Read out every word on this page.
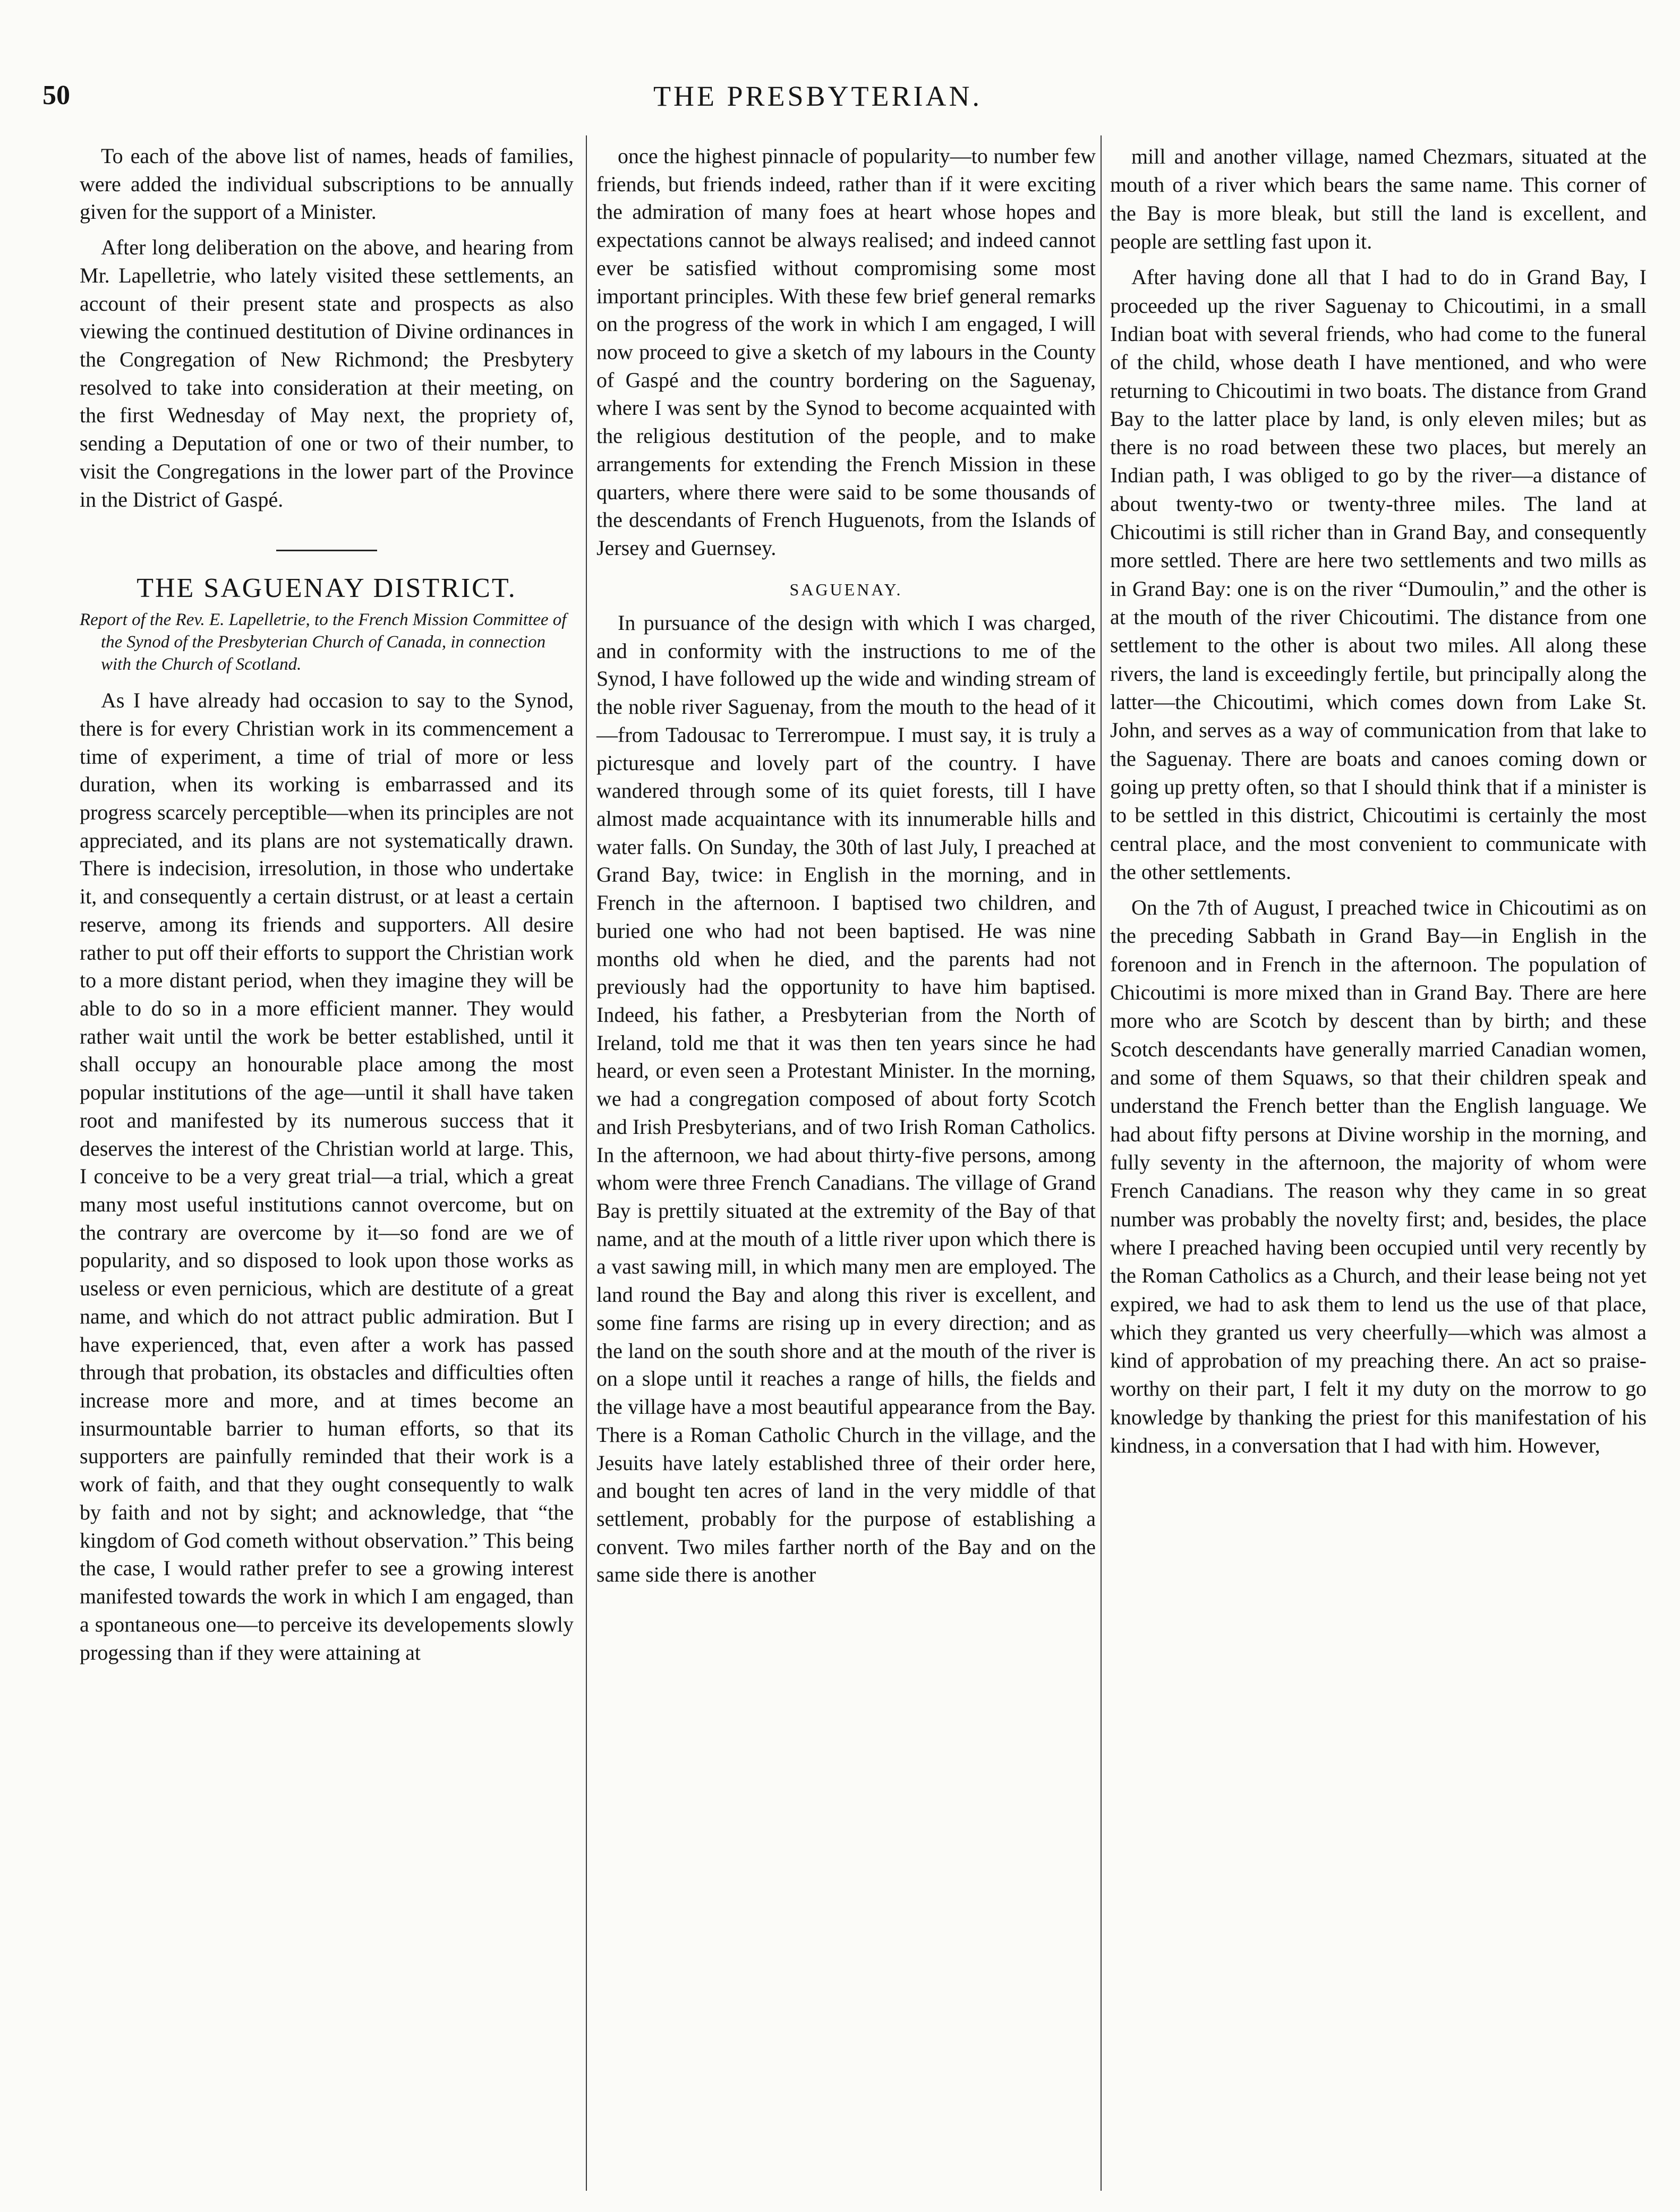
50	THE PRESBYTERIAN.

To each of the above list of names, heads of families, were added the individual subscriptions to be annually given for the support of a Minister.

After long deliberation on the above, and hearing from Mr. Lapelletrie, who lately visited these settlements, an account of their present state and prospects as also viewing the continued destitution of Divine ordinances in the Congregation of New Richmond; the Presbytery resolved to take into consideration at their meeting, on the first Wednesday of May next, the propriety of, sending a Deputation of one or two of their number, to visit the Congregations in the lower part of the Province in the District of Gaspé.

THE SAGUENAY DISTRICT.

Report of the Rev. E. Lapelletrie, to the French Mission Committee of the Synod of the Presbyterian Church of Canada, in connection with the Church of Scotland.

As I have already had occasion to say to the Synod, there is for every Christian work in its commencement a time of experiment, a time of trial of more or less duration, when its working is embarrassed and its progress scarcely perceptible—when its principles are not appreciated, and its plans are not systematically drawn. There is indecision, irresolution, in those who undertake it, and consequently a certain distrust, or at least a certain reserve, among its friends and supporters. All desire rather to put off their efforts to support the Christian work to a more distant period, when they imagine they will be able to do so in a more efficient manner. They would rather wait until the work be better established, until it shall occupy an honourable place among the most popular institutions of the age—until it shall have taken root and manifested by its numerous success that it deserves the interest of the Christian world at large. This, I conceive to be a very great trial—a trial, which a great many most useful institutions cannot overcome, but on the contrary are overcome by it—so fond are we of popularity, and so disposed to look upon those works as useless or even pernicious, which are destitute of a great name, and which do not attract public admiration. But I have experienced, that, even after a work has passed through that probation, its obstacles and difficulties often increase more and more, and at times become an insurmountable barrier to human efforts, so that its supporters are painfully reminded that their work is a work of faith, and that they ought consequently to walk by faith and not by sight; and acknowledge, that “the kingdom of God cometh without observation.” This being the case, I would rather prefer to see a growing interest manifested towards the work in which I am engaged, than a spontaneous one—to perceive its developements slowly progessing than if they were attaining at

once the highest pinnacle of popularity—to number few friends, but friends indeed, rather than if it were exciting the admiration of many foes at heart whose hopes and expectations cannot be always realised; and indeed cannot ever be satisfied without compromising some most important principles. With these few brief general remarks on the progress of the work in which I am engaged, I will now proceed to give a sketch of my labours in the County of Gaspé and the country bordering on the Saguenay, where I was sent by the Synod to become acquainted with the religious destitution of the people, and to make arrangements for extending the French Mission in these quarters, where there were said to be some thousands of the descendants of French Huguenots, from the Islands of Jersey and Guernsey.

SAGUENAY.

In pursuance of the design with which I was charged, and in conformity with the instructions to me of the Synod, I have followed up the wide and winding stream of the noble river Saguenay, from the mouth to the head of it—from Tadousac to Terrerompue. I must say, it is truly a picturesque and lovely part of the country. I have wandered through some of its quiet forests, till I have almost made acquaintance with its innumerable hills and water falls. On Sunday, the 30th of last July, I preached at Grand Bay, twice: in English in the morning, and in French in the afternoon. I baptised two children, and buried one who had not been baptised. He was nine months old when he died, and the parents had not previously had the opportunity to have him baptised. Indeed, his father, a Presbyterian from the North of Ireland, told me that it was then ten years since he had heard, or even seen a Protestant Minister. In the morning, we had a congregation composed of about forty Scotch and Irish Presbyterians, and of two Irish Roman Catholics. In the afternoon, we had about thirty-five persons, among whom were three French Canadians. The village of Grand Bay is prettily situated at the extremity of the Bay of that name, and at the mouth of a little river upon which there is a vast sawing mill, in which many men are employed. The land round the Bay and along this river is excellent, and some fine farms are rising up in every direction; and as the land on the south shore and at the mouth of the river is on a slope until it reaches a range of hills, the fields and the village have a most beautiful appearance from the Bay. There is a Roman Catholic Church in the village, and the Jesuits have lately established three of their order here, and bought ten acres of land in the very middle of that settlement, probably for the purpose of establishing a convent. Two miles farther north of the Bay and on the same side there is another

mill and another village, named Chezmars, situated at the mouth of a river which bears the same name. This corner of the Bay is more bleak, but still the land is excellent, and people are settling fast upon it.

After having done all that I had to do in Grand Bay, I proceeded up the river Saguenay to Chicoutimi, in a small Indian boat with several friends, who had come to the funeral of the child, whose death I have mentioned, and who were returning to Chicoutimi in two boats. The distance from Grand Bay to the latter place by land, is only eleven miles; but as there is no road between these two places, but merely an Indian path, I was obliged to go by the river—a distance of about twenty-two or twenty-three miles. The land at Chicoutimi is still richer than in Grand Bay, and consequently more settled. There are here two settlements and two mills as in Grand Bay: one is on the river “Dumoulin,” and the other is at the mouth of the river Chicoutimi. The distance from one settlement to the other is about two miles. All along these rivers, the land is exceedingly fertile, but principally along the latter—the Chicoutimi, which comes down from Lake St. John, and serves as a way of communication from that lake to the Saguenay. There are boats and canoes coming down or going up pretty often, so that I should think that if a minister is to be settled in this district, Chicoutimi is certainly the most central place, and the most convenient to communicate with the other settlements.

On the 7th of August, I preached twice in Chicoutimi as on the preceding Sabbath in Grand Bay—in English in the forenoon and in French in the afternoon. The population of Chicoutimi is more mixed than in Grand Bay. There are here more who are Scotch by descent than by birth; and these Scotch descendants have generally married Canadian women, and some of them Squaws, so that their children speak and understand the French better than the English language. We had about fifty persons at Divine worship in the morning, and fully seventy in the afternoon, the majority of whom were French Canadians. The reason why they came in so great number was probably the novelty first; and, besides, the place where I preached having been occupied until very recently by the Roman Catholics as a Church, and their lease being not yet expired, we had to ask them to lend us the use of that place, which they granted us very cheerfully—which was almost a kind of approbation of my preaching there. An act so praise-worthy on their part, I felt it my duty on the morrow to go knowledge by thanking the priest for this manifestation of his kindness, in a conversation that I had with him. However,
